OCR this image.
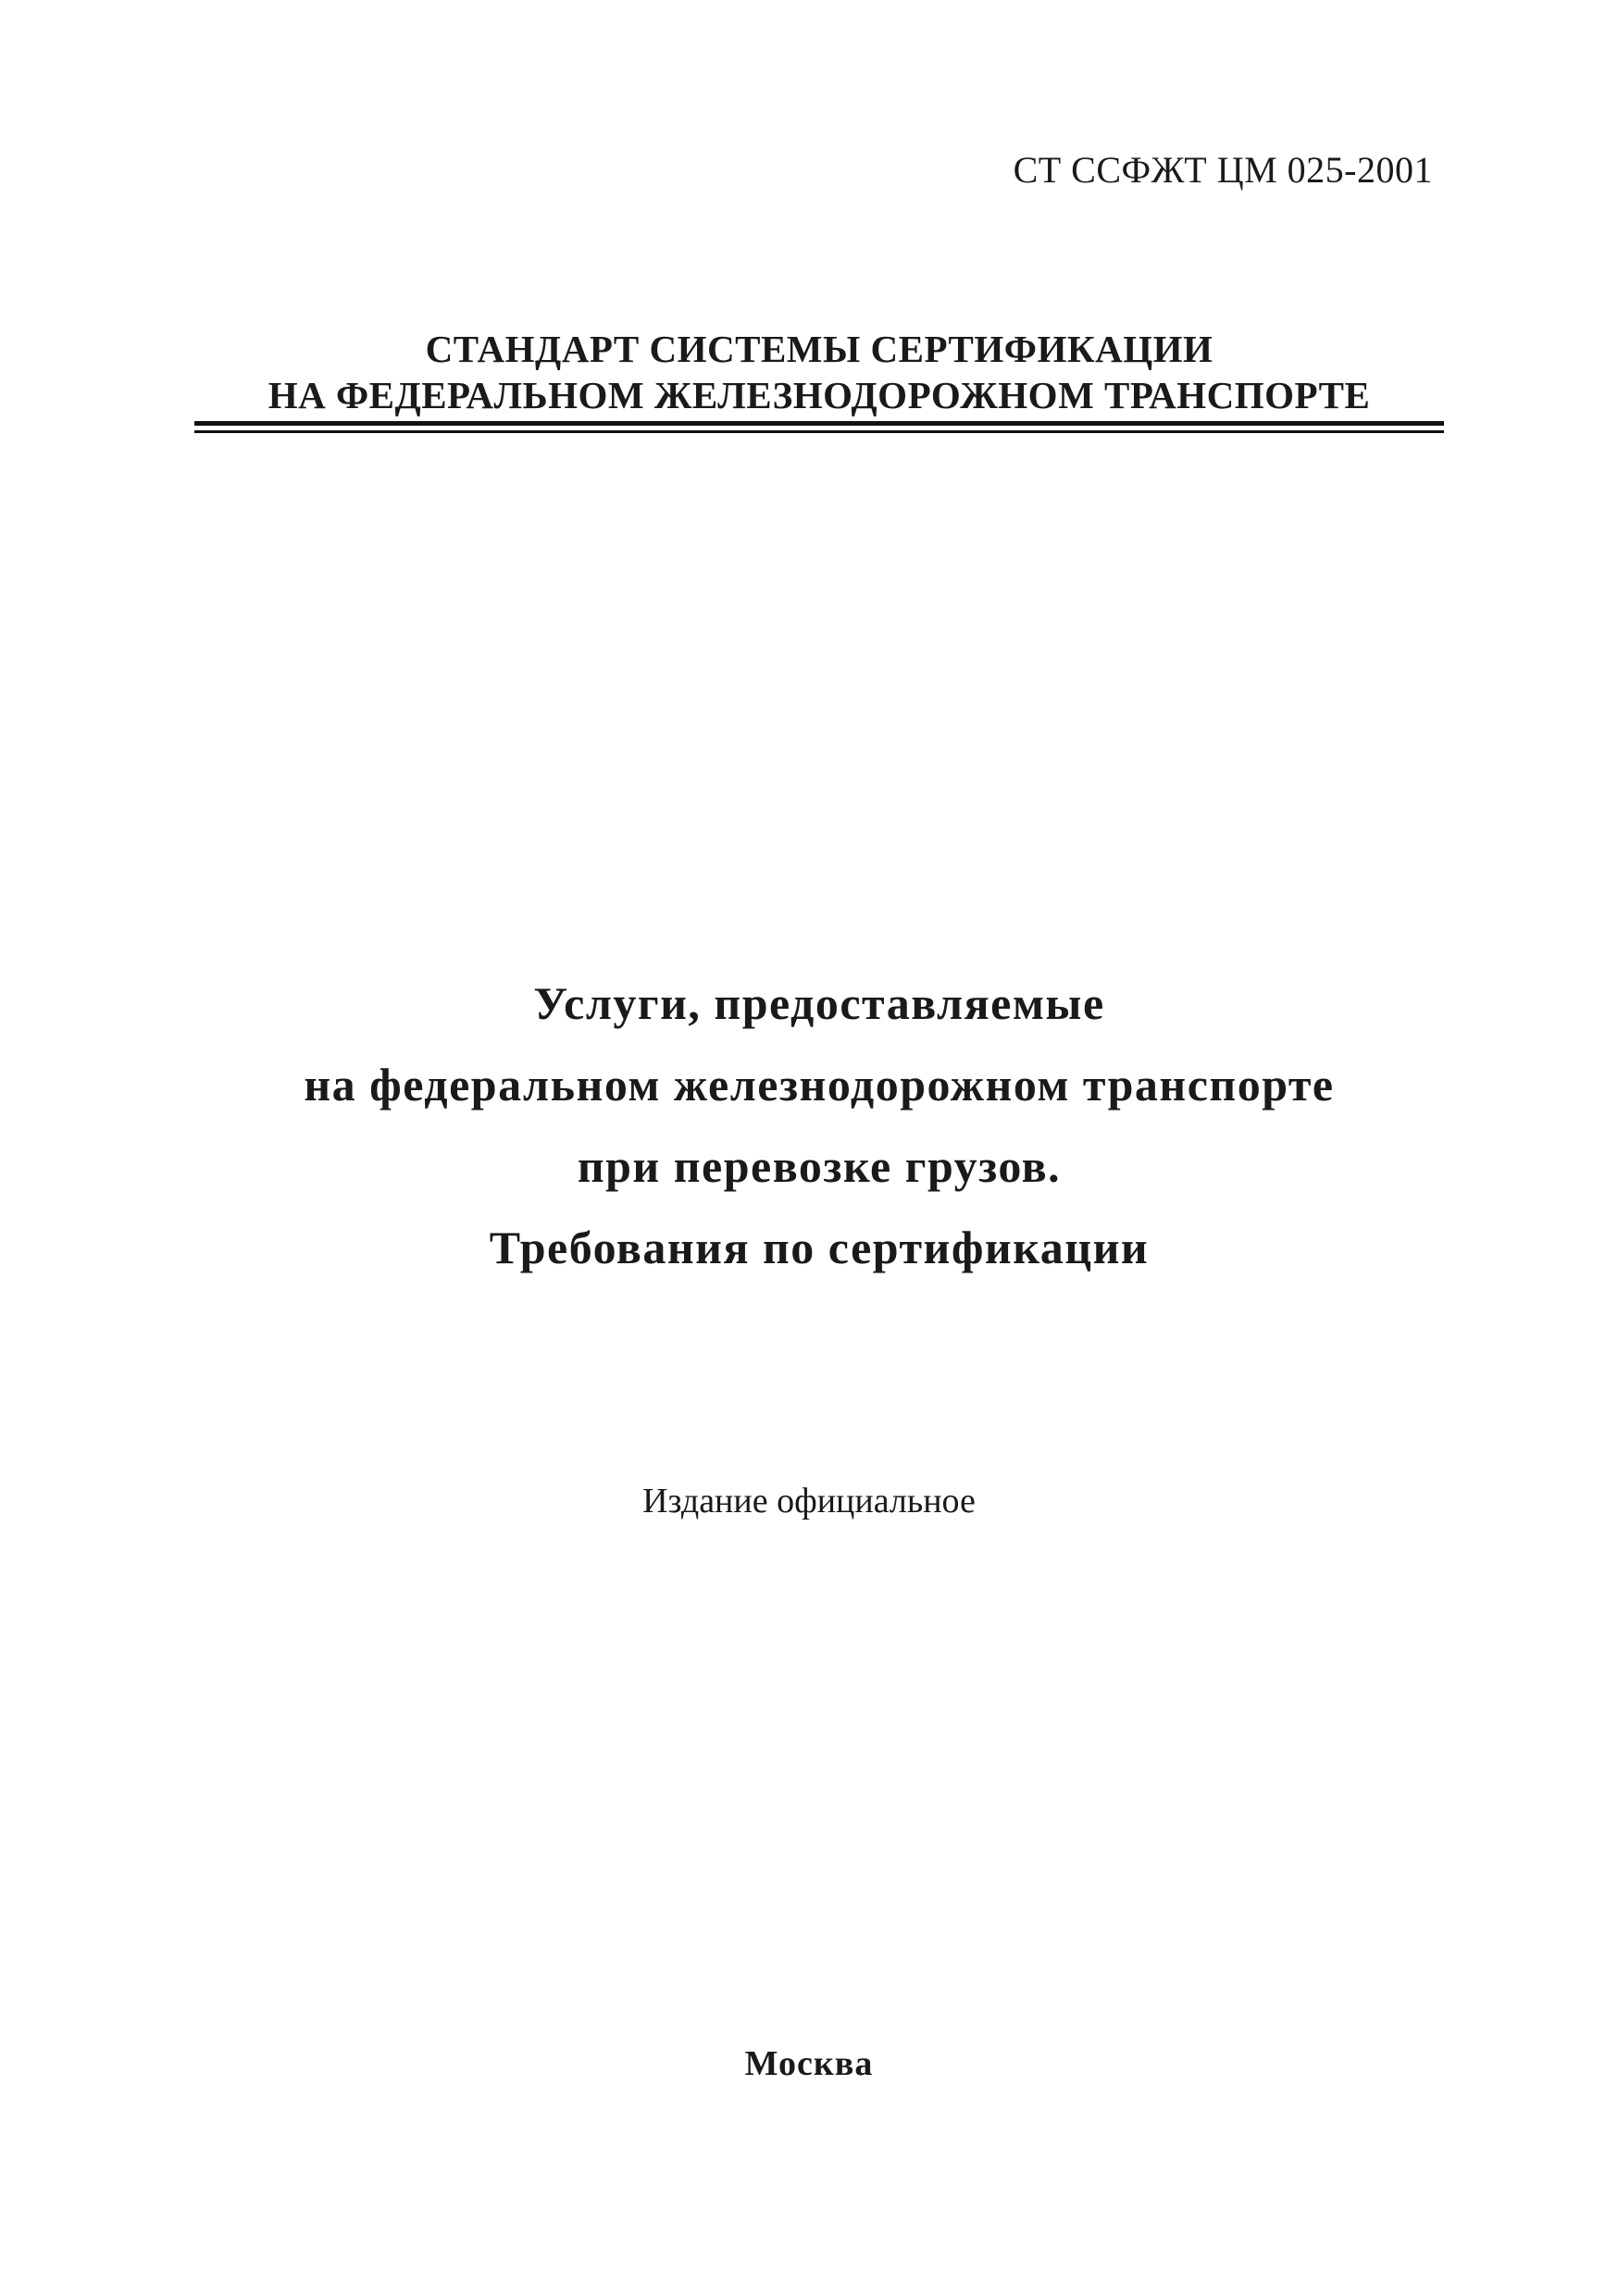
СТ ССФЖТ ЦМ 025-2001
СТАНДАРТ СИСТЕМЫ СЕРТИФИКАЦИИ
НА ФЕДЕРАЛЬНОМ ЖЕЛЕЗНОДОРОЖНОМ ТРАНСПОРТЕ
Услуги, предоставляемые
на федеральном железнодорожном транспорте
при перевозке грузов.
Требования по сертификации
Издание официальное
Москва
